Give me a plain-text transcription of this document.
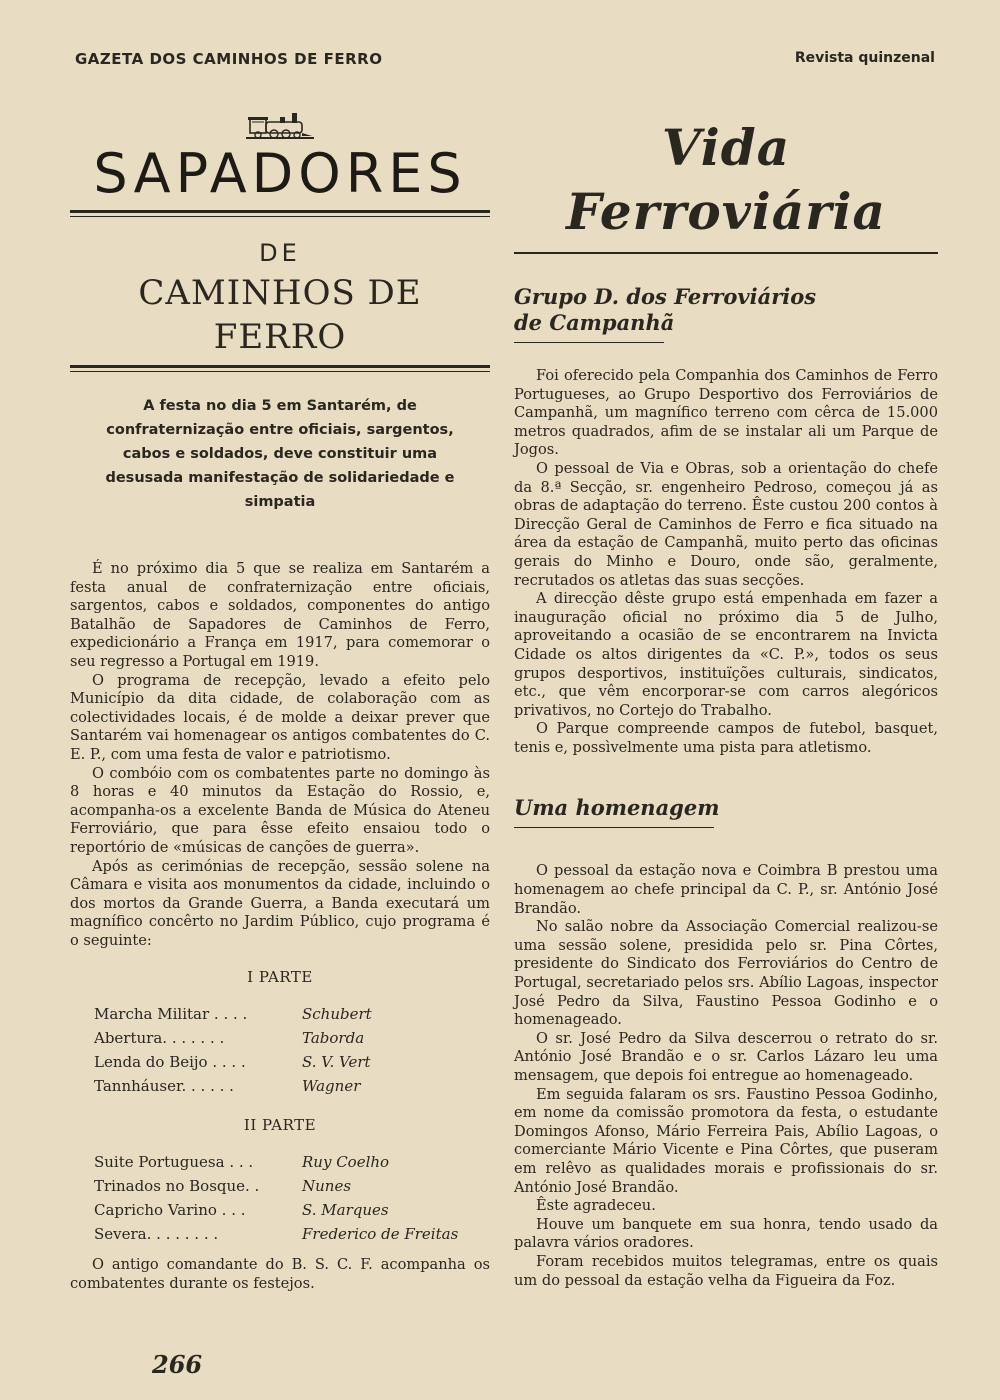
GAZETA DOS CAMINHOS DE FERRO	Revista quinzenal
SAPADORES
DE
CAMINHOS DE FERRO
A festa no dia 5 em Santarém, de confraternização entre oficiais, sargentos, cabos e soldados, deve constituir uma desusada manifestação de solidariedade e simpatia

É no próximo dia 5 que se realiza em Santarém a festa anual de confraternização entre oficiais, sargentos, cabos e soldados, componentes do antigo Batalhão de Sapadores de Caminhos de Ferro, expedicionário a França em 1917, para comemorar o seu regresso a Portugal em 1919.

O programa de recepção, levado a efeito pelo Município da dita cidade, de colaboração com as colectividades locais, é de molde a deixar prever que Santarém vai homenagear os antigos combatentes do C. E. P., com uma festa de valor e patriotismo.

O combóio com os combatentes parte no domingo às 8 horas e 40 minutos da Estação do Rossio, e, acompanha-os a excelente Banda de Música do Ateneu Ferroviário, que para êsse efeito ensaiou todo o reportório de «músicas de canções de guerra».

Após as cerimónias de recepção, sessão solene na Câmara e visita aos monumentos da cidade, incluindo o dos mortos da Grande Guerra, a Banda executará um magnífico concêrto no Jardim Público, cujo programa é o seguinte:

I PARTE
Marcha Militar . . . .	Schubert
Abertura. . . . . . .	Taborda
Lenda do Beijo . . . .	S. V. Vert
Tannháuser. . . . . .	Wagner
II PARTE
Suite Portuguesa . . .	Ruy Coelho
Trinados no Bosque. .	Nunes
Capricho Varino . . .	S. Marques
Severa. . . . . . . .	Frederico de Freitas

O antigo comandante do B. S. C. F. acompanha os combatentes durante os festejos.

Vida Ferroviária
Grupo D. dos Ferroviários
de Campanhã

Foi oferecido pela Companhia dos Caminhos de Ferro Portugueses, ao Grupo Desportivo dos Ferroviários de Campanhã, um magnífico terreno com cêrca de 15.000 metros quadrados, afim de se instalar ali um Parque de Jogos.

O pessoal de Via e Obras, sob a orientação do chefe da 8.ª Secção, sr. engenheiro Pedroso, começou já as obras de adaptação do terreno. Êste custou 200 contos à Direcção Geral de Caminhos de Ferro e fica situado na área da estação de Campanhã, muito perto das oficinas gerais do Minho e Douro, onde são, geralmente, recrutados os atletas das suas secções.

A direcção dêste grupo está empenhada em fazer a inauguração oficial no próximo dia 5 de Julho, aproveitando a ocasião de se encontrarem na Invicta Cidade os altos dirigentes da «C. P.», todos os seus grupos desportivos, instituïções culturais, sindicatos, etc., que vêm encorporar-se com carros alegóricos privativos, no Cortejo do Trabalho.

O Parque compreende campos de futebol, basquet, tenis e, possìvelmente uma pista para atletismo.

Uma homenagem

O pessoal da estação nova e Coimbra B prestou uma homenagem ao chefe principal da C. P., sr. António José Brandão.

No salão nobre da Associação Comercial realizou-se uma sessão solene, presidida pelo sr. Pina Côrtes, presidente do Sindicato dos Ferroviários do Centro de Portugal, secretariado pelos srs. Abílio Lagoas, inspector José Pedro da Silva, Faustino Pessoa Godinho e o homenageado.

O sr. José Pedro da Silva descerrou o retrato do sr. António José Brandão e o sr. Carlos Lázaro leu uma mensagem, que depois foi entregue ao homenageado.

Em seguida falaram os srs. Faustino Pessoa Godinho, em nome da comissão promotora da festa, o estudante Domingos Afonso, Mário Ferreira Pais, Abílio Lagoas, o comerciante Mário Vicente e Pina Côrtes, que puseram em relêvo as qualidades morais e profissionais do sr. António José Brandão.

Êste agradeceu.

Houve um banquete em sua honra, tendo usado da palavra vários oradores.

Foram recebidos muitos telegramas, entre os quais um do pessoal da estação velha da Figueira da Foz.

266
